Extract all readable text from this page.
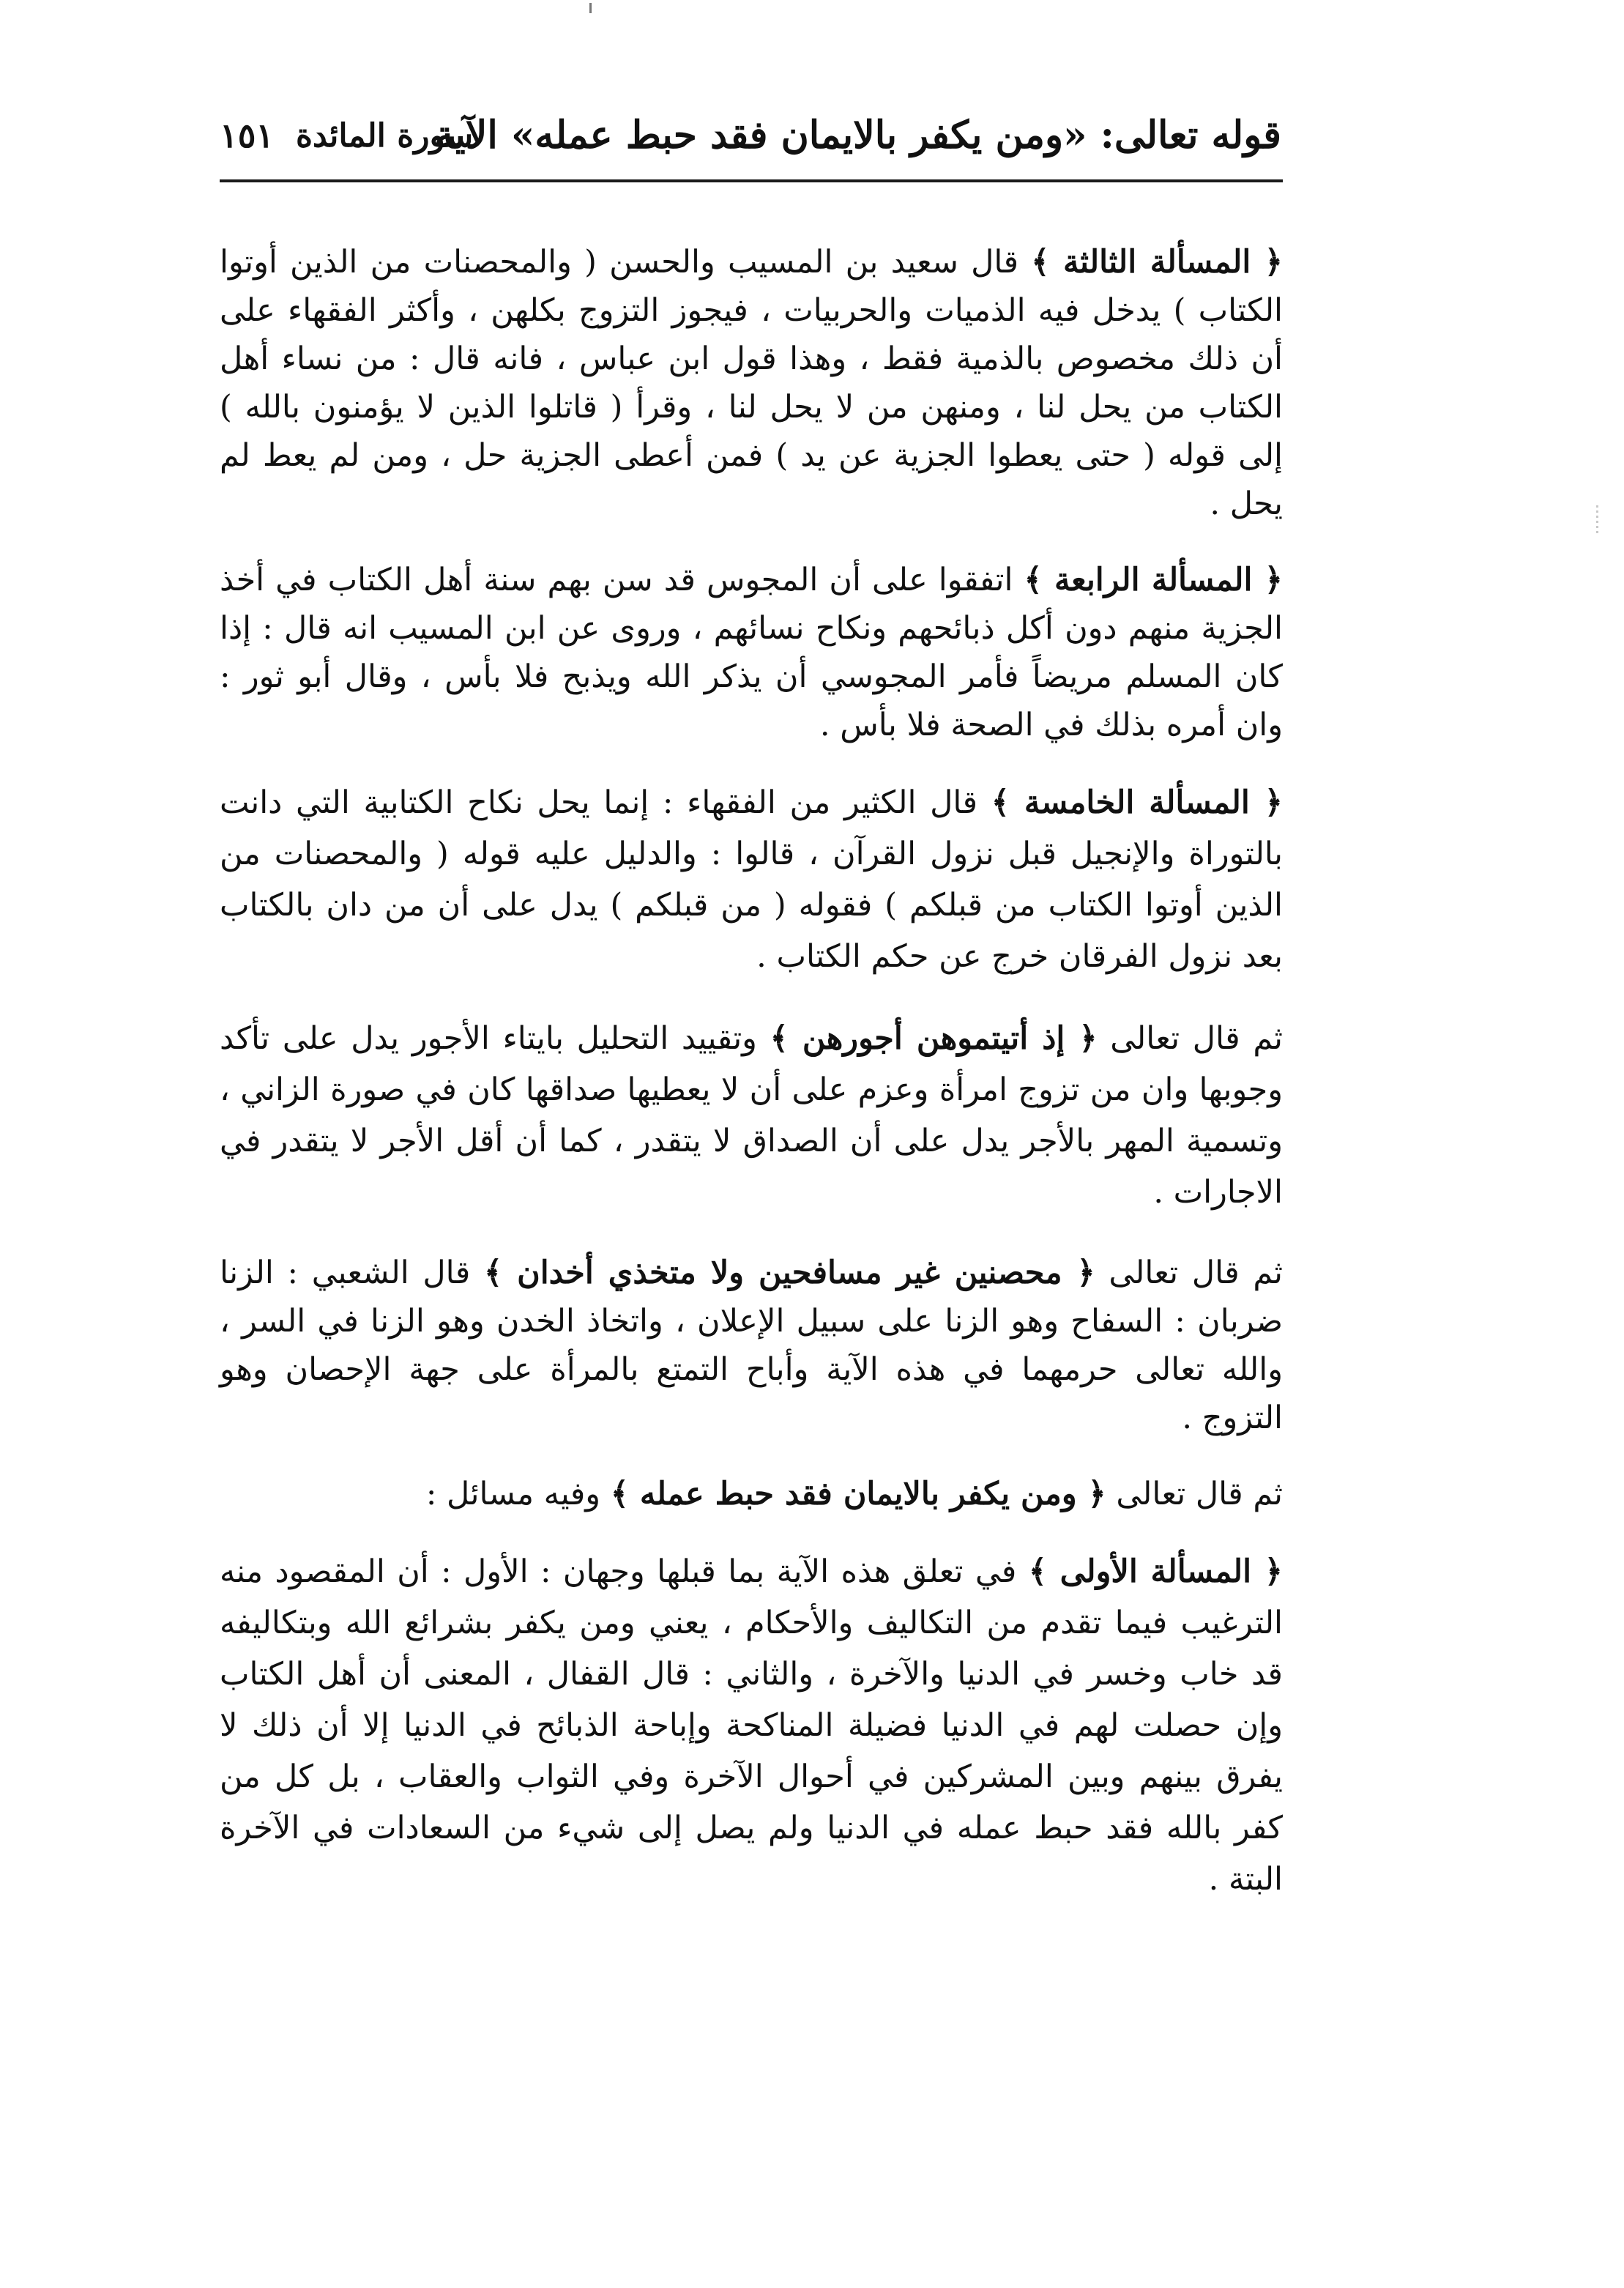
قوله تعالى: «ومن يكفر بالايمان فقد حبط عمله» الآية
سورة المائدة
١٥١

﴿ المسألة الثالثة ﴾ قال سعيد بن المسيب والحسن ( والمحصنات من الذين أوتوا الكتاب ) يدخل فيه الذميات والحربيات ، فيجوز التزوج بكلهن ، وأكثر الفقهاء على أن ذلك مخصوص بالذمية فقط ، وهذا قول ابن عباس ، فانه قال : من نساء أهل الكتاب من يحل لنا ، ومنهن من لا يحل لنا ، وقرأ ( قاتلوا الذين لا يؤمنون بالله ) إلى قوله ( حتى يعطوا الجزية عن يد ) فمن أعطى الجزية حل ، ومن لم يعط لم يحل .

﴿ المسألة الرابعة ﴾ اتفقوا على أن المجوس قد سن بهم سنة أهل الكتاب في أخذ الجزية منهم دون أكل ذبائحهم ونكاح نسائهم ، وروى عن ابن المسيب انه قال : إذا كان المسلم مريضاً فأمر المجوسي أن يذكر الله ويذبح فلا بأس ، وقال أبو ثور : وان أمره بذلك في الصحة فلا بأس .

﴿ المسألة الخامسة ﴾ قال الكثير من الفقهاء : إنما يحل نكاح الكتابية التي دانت بالتوراة والإنجيل قبل نزول القرآن ، قالوا : والدليل عليه قوله ( والمحصنات من الذين أوتوا الكتاب من قبلكم ) فقوله ( من قبلكم ) يدل على أن من دان بالكتاب بعد نزول الفرقان خرج عن حكم الكتاب .

ثم قال تعالى ﴿ إذ أتيتموهن أجورهن ﴾ وتقييد التحليل بايتاء الأجور يدل على تأكد وجوبها وان من تزوج امرأة وعزم على أن لا يعطيها صداقها كان في صورة الزاني ، وتسمية المهر بالأجر يدل على أن الصداق لا يتقدر ، كما أن أقل الأجر لا يتقدر في الاجارات .

ثم قال تعالى ﴿ محصنين غير مسافحين ولا متخذي أخدان ﴾ قال الشعبي : الزنا ضربان : السفاح وهو الزنا على سبيل الإعلان ، واتخاذ الخدن وهو الزنا في السر ، والله تعالى حرمهما في هذه الآية وأباح التمتع بالمرأة على جهة الإحصان وهو التزوج .

ثم قال تعالى ﴿ ومن يكفر بالايمان فقد حبط عمله ﴾ وفيه مسائل :

﴿ المسألة الأولى ﴾ في تعلق هذه الآية بما قبلها وجهان : الأول : أن المقصود منه الترغيب فيما تقدم من التكاليف والأحكام ، يعني ومن يكفر بشرائع الله وبتكاليفه قد خاب وخسر في الدنيا والآخرة ، والثاني : قال القفال ، المعنى أن أهل الكتاب وإن حصلت لهم في الدنيا فضيلة المناكحة وإباحة الذبائح في الدنيا إلا أن ذلك لا يفرق بينهم وبين المشركين في أحوال الآخرة وفي الثواب والعقاب ، بل كل من كفر بالله فقد حبط عمله في الدنيا ولم يصل إلى شيء من السعادات في الآخرة البتة .
